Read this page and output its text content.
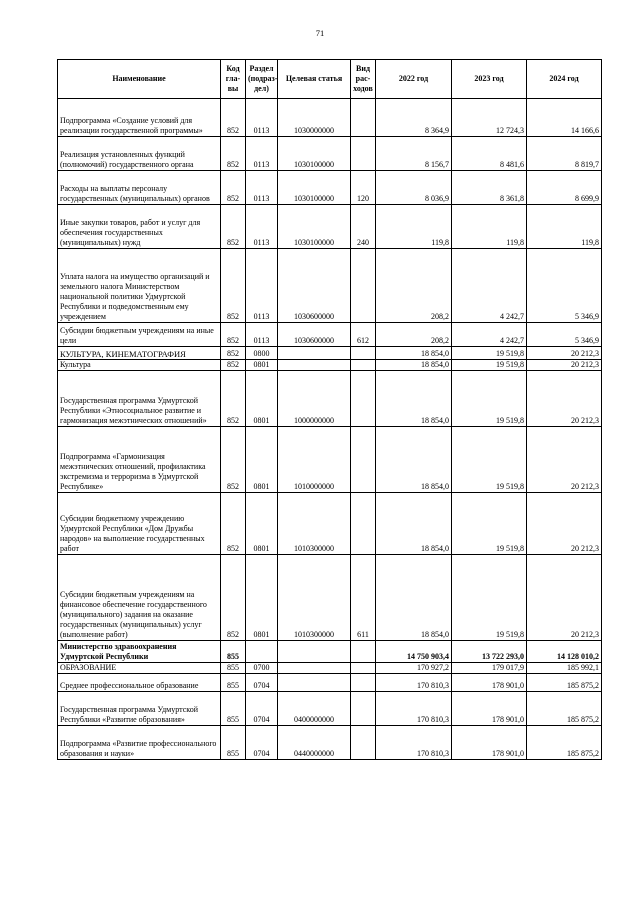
71
Наименование	Код гла-вы	Раздел (подраз-дел)	Целевая статья	Вид рас-ходов	2022 год	2023 год	2024 год
Подпрограмма «Создание условий для реализации государственной программы»	852	0113	1030000000		8 364,9	12 724,3	14 166,6
Реализация установленных функций (полномочий) государственного органа	852	0113	1030100000		8 156,7	8 481,6	8 819,7
Расходы на выплаты персоналу государственных (муниципальных) органов	852	0113	1030100000	120	8 036,9	8 361,8	8 699,9
Иные закупки товаров, работ и услуг для обеспечения государственных (муниципальных) нужд	852	0113	1030100000	240	119,8	119,8	119,8
Уплата налога на имущество организаций и земельного налога Министерством национальной политики Удмуртской Республики и подведомственным ему учреждением	852	0113	1030600000		208,2	4 242,7	5 346,9
Субсидии бюджетным учреждениям на иные цели	852	0113	1030600000	612	208,2	4 242,7	5 346,9
КУЛЬТУРА, КИНЕМАТОГРАФИЯ	852	0800			18 854,0	19 519,8	20 212,3
Культура	852	0801			18 854,0	19 519,8	20 212,3
Государственная программа Удмуртской Республики «Этносоциальное развитие и гармонизация межэтнических отношений»	852	0801	1000000000		18 854,0	19 519,8	20 212,3
Подпрограмма «Гармонизация межэтнических отношений, профилактика экстремизма и терроризма в Удмуртской Республике»	852	0801	1010000000		18 854,0	19 519,8	20 212,3
Субсидии бюджетному учреждению Удмуртской Республики «Дом Дружбы народов» на выполнение государственных работ	852	0801	1010300000		18 854,0	19 519,8	20 212,3
Субсидии бюджетным учреждениям на финансовое обеспечение государственного (муниципального) задания на оказание государственных (муниципальных) услуг (выполнение работ)	852	0801	1010300000	611	18 854,0	19 519,8	20 212,3
Министерство здравоохранения Удмуртской Республики	855				14 750 903,4	13 722 293,0	14 128 010,2
ОБРАЗОВАНИЕ	855	0700			170 927,2	179 017,9	185 992,1
Среднее профессиональное образование	855	0704			170 810,3	178 901,0	185 875,2
Государственная программа Удмуртской Республики «Развитие образования»	855	0704	0400000000		170 810,3	178 901,0	185 875,2
Подпрограмма «Развитие профессионального образования и науки»	855	0704	0440000000		170 810,3	178 901,0	185 875,2
